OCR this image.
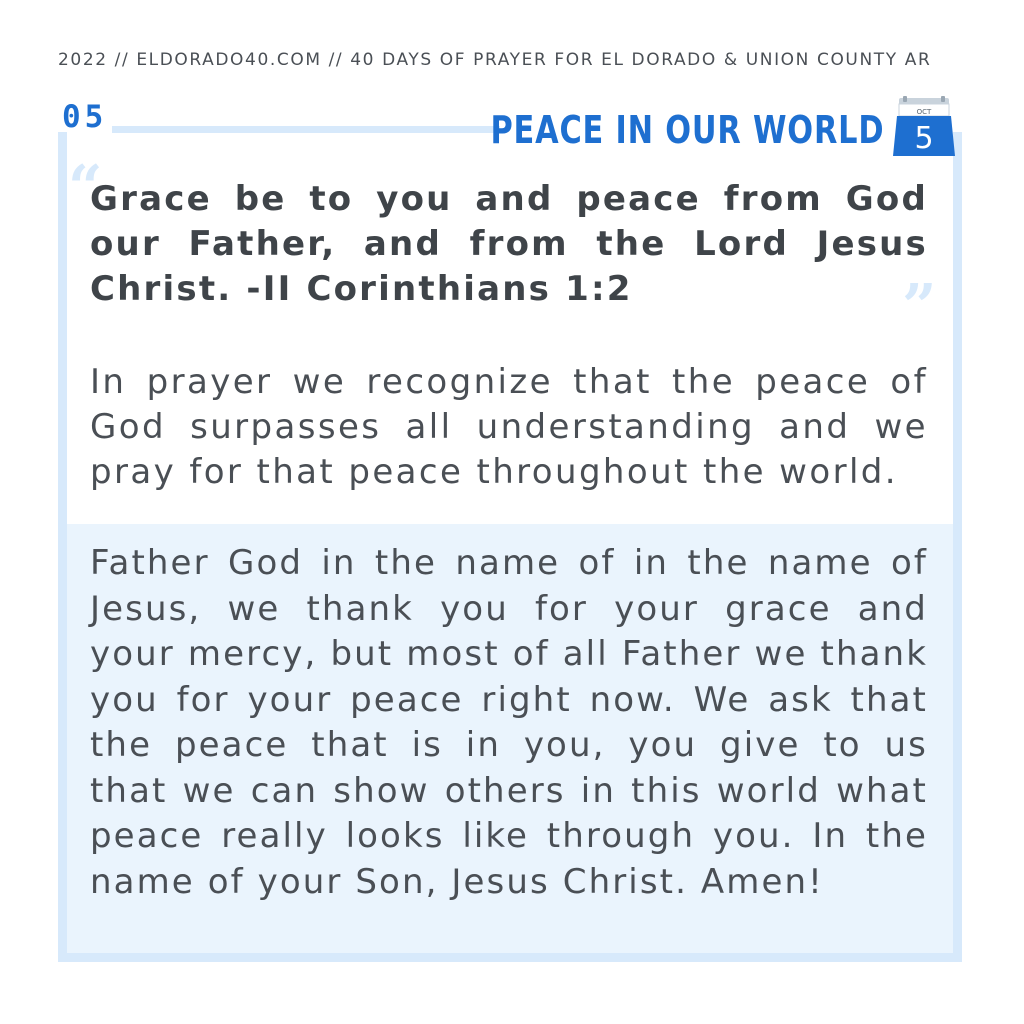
2022 // ELDORADO40.COM // 40 DAYS OF PRAYER FOR EL DORADO & UNION COUNTY AR
05	PEACE IN OUR WORLD	OCT
5
“
Grace be to you and peace from God our Father, and from the Lord Jesus Christ. -II Corinthians 1:2	”
In prayer we recognize that the peace of God surpasses all understanding and we pray for that peace throughout the world.
Father God in the name of in the name of Jesus, we thank you for your grace and your mercy, but most of all Father we thank you for your peace right now. We ask that the peace that is in you, you give to us that we can show others in this world what peace really looks like through you. In the name of your Son, Jesus Christ. Amen!
